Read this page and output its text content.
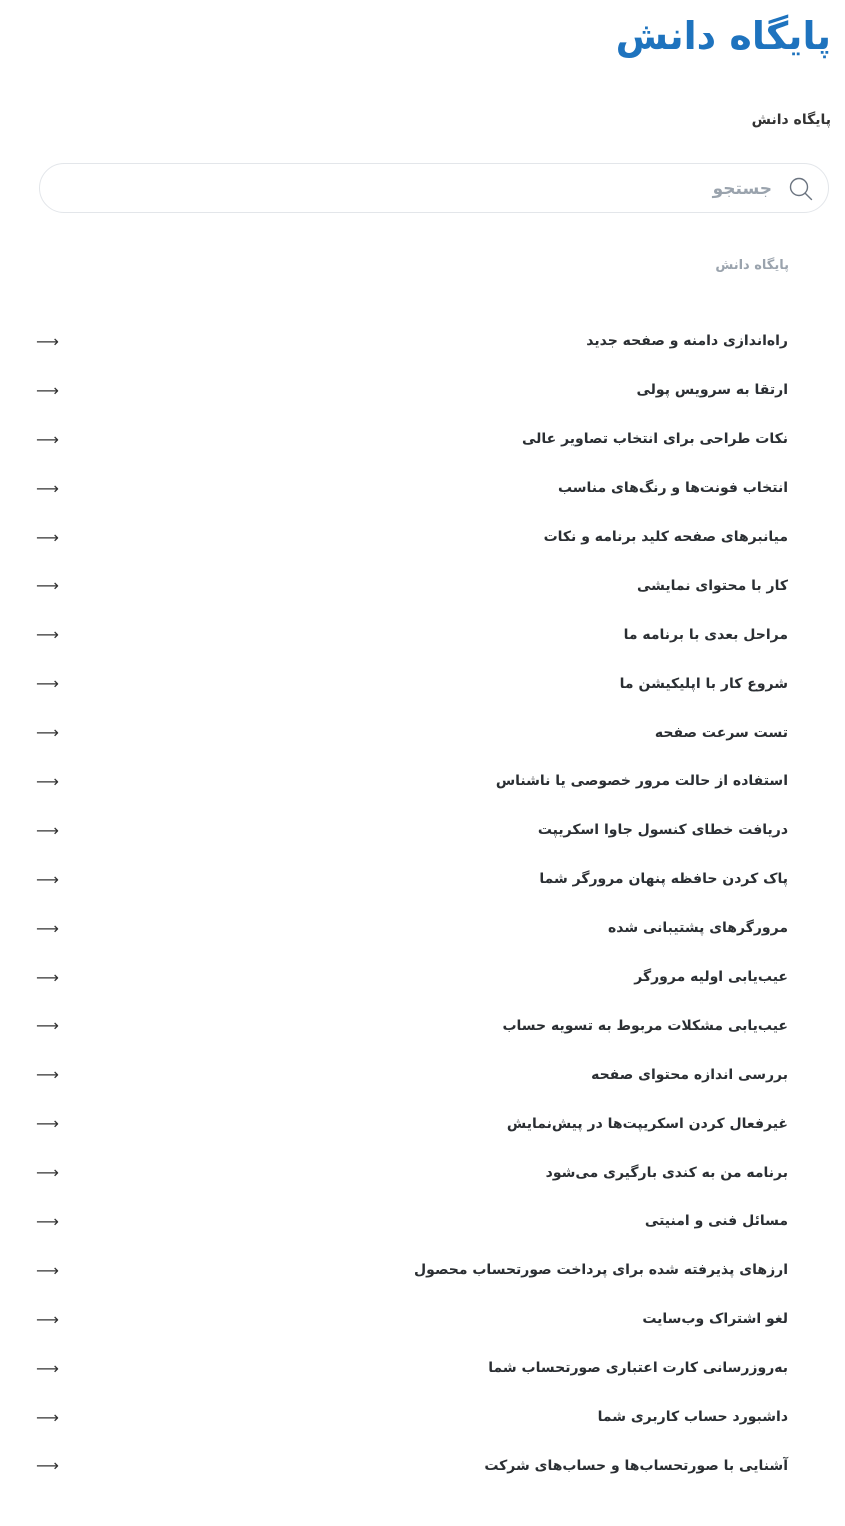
پایگاه دانش
پایگاه دانش
جستجو
پایگاه دانش
راه‌اندازی دامنه و صفحه جدید
⟶
ارتقا به سرویس پولی
⟶
نکات طراحی برای انتخاب تصاویر عالی
⟶
انتخاب فونت‌ها و رنگ‌های مناسب
⟶
میانبرهای صفحه کلید برنامه و نکات
⟶
کار با محتوای نمایشی
⟶
مراحل بعدی با برنامه ما
⟶
شروع کار با اپلیکیشن ما
⟶
تست سرعت صفحه
⟶
استفاده از حالت مرور خصوصی یا ناشناس
⟶
دریافت خطای کنسول جاوا اسکریپت
⟶
پاک کردن حافظه پنهان مرورگر شما
⟶
مرورگرهای پشتیبانی شده
⟶
عیب‌یابی اولیه مرورگر
⟶
عیب‌یابی مشکلات مربوط به تسویه حساب
⟶
بررسی اندازه محتوای صفحه
⟶
غیرفعال کردن اسکریپت‌ها در پیش‌نمایش
⟶
برنامه من به کندی بارگیری می‌شود
⟶
مسائل فنی و امنیتی
⟶
ارزهای پذیرفته شده برای پرداخت صورتحساب محصول
⟶
لغو اشتراک وب‌سایت
⟶
به‌روزرسانی کارت اعتباری صورتحساب شما
⟶
داشبورد حساب کاربری شما
⟶
آشنایی با صورتحساب‌ها و حساب‌های شرکت
⟶
